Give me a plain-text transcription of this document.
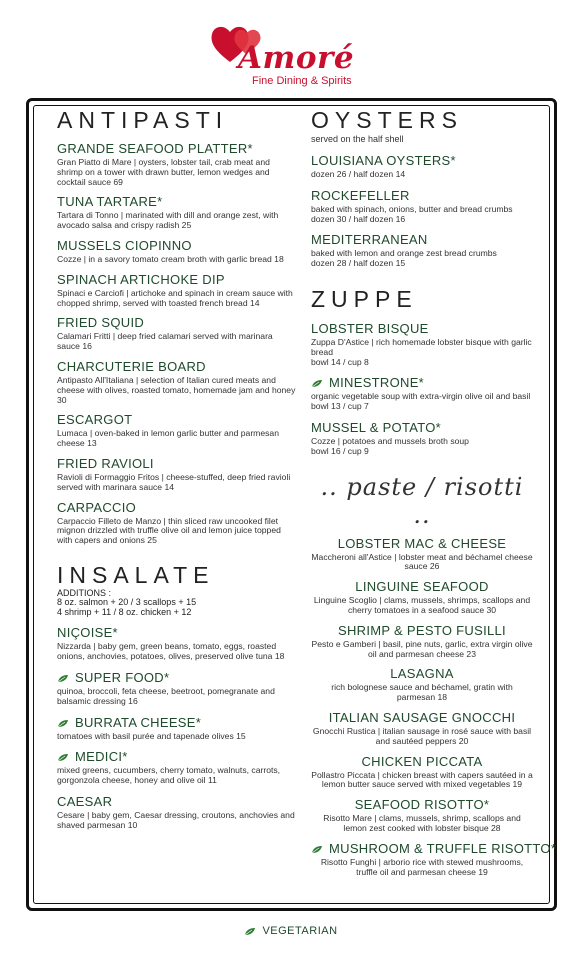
Amoré
Fine Dining & Spirits
ANTIPASTI
GRANDE SEAFOOD PLATTER*
Gran Piatto di Mare | oysters, lobster tail, crab meat and shrimp on a tower with drawn butter, lemon wedges and cocktail sauce 69
TUNA TARTARE*
Tartara di Tonno | marinated with dill and orange zest, with avocado salsa and crispy radish 25
MUSSELS CIOPINNO
Cozze | in a savory tomato cream broth with garlic bread 18
SPINACH ARTICHOKE DIP
Spinaci e Carciofi | artichoke and spinach in cream sauce with chopped shrimp, served with toasted french bread 14
FRIED SQUID
Calamari Fritti | deep fried calamari served with marinara sauce 16
CHARCUTERIE BOARD
Antipasto All'Italiana | selection of Italian cured meats and cheese with olives, roasted tomato, homemade jam and honey 30
ESCARGOT
Lumaca | oven-baked in lemon garlic butter and parmesan cheese 13
FRIED RAVIOLI
Ravioli di Formaggio Fritos | cheese-stuffed, deep fried ravioli served with marinara sauce 14
CARPACCIO
Carpaccio Filleto de Manzo | thin sliced raw uncooked filet mignon drizzled with truffle olive oil and lemon juice topped with capers and onions 25
INSALATE
ADDITIONS :
8 oz. salmon + 20 / 3 scallops + 15
4 shrimp + 11 / 8 oz. chicken + 12
NIÇOISE*
Nizzarda | baby gem, green beans, tomato, eggs, roasted onions, anchovies, potatoes, olives, preserved olive tuna 18
SUPER FOOD*
quinoa, broccoli, feta cheese, beetroot, pomegranate and balsamic dressing 16
BURRATA CHEESE*
tomatoes with basil purée and tapenade olives 15
MEDICI*
mixed greens, cucumbers, cherry tomato, walnuts, carrots, gorgonzola cheese, honey and olive oil 11
CAESAR
Cesare | baby gem, Caesar dressing, croutons, anchovies and shaved parmesan 10
OYSTERS
served on the half shell
LOUISIANA OYSTERS*
dozen 26 / half dozen 14
ROCKEFELLER
baked with spinach, onions, butter and bread crumbs
dozen 30 / half dozen 16
MEDITERRANEAN
baked with lemon and orange zest bread crumbs
dozen 28 / half dozen 15
ZUPPE
LOBSTER BISQUE
Zuppa D'Astice | rich homemade lobster bisque with garlic bread
bowl 14 / cup 8
MINESTRONE*
organic vegetable soup with extra-virgin olive oil and basil
bowl 13 / cup 7
MUSSEL & POTATO*
Cozze | potatoes and mussels broth soup
bowl 16 / cup 9
.. paste / risotti ..
LOBSTER MAC & CHEESE
Maccheroni all'Astice | lobster meat and béchamel cheese sauce 26
LINGUINE SEAFOOD
Linguine Scoglio | clams, mussels, shrimps, scallops and cherry tomatoes in a seafood sauce 30
SHRIMP & PESTO FUSILLI
Pesto e Gamberi | basil, pine nuts, garlic, extra virgin olive oil and parmesan cheese 23
LASAGNA
rich bolognese sauce and béchamel, gratin with parmesan 18
ITALIAN SAUSAGE GNOCCHI
Gnocchi Rustica | italian sausage in rosé sauce with basil and sautéed peppers 20
CHICKEN PICCATA
Pollastro Piccata | chicken breast with capers sautéed in a lemon butter sauce served with mixed vegetables 19
SEAFOOD RISOTTO*
Risotto Mare | clams, mussels, shrimp, scallops and lemon zest cooked with lobster bisque 28
MUSHROOM & TRUFFLE RISOTTO*
Risotto Funghi | arborio rice with stewed mushrooms, truffle oil and parmesan cheese 19
VEGETARIAN
